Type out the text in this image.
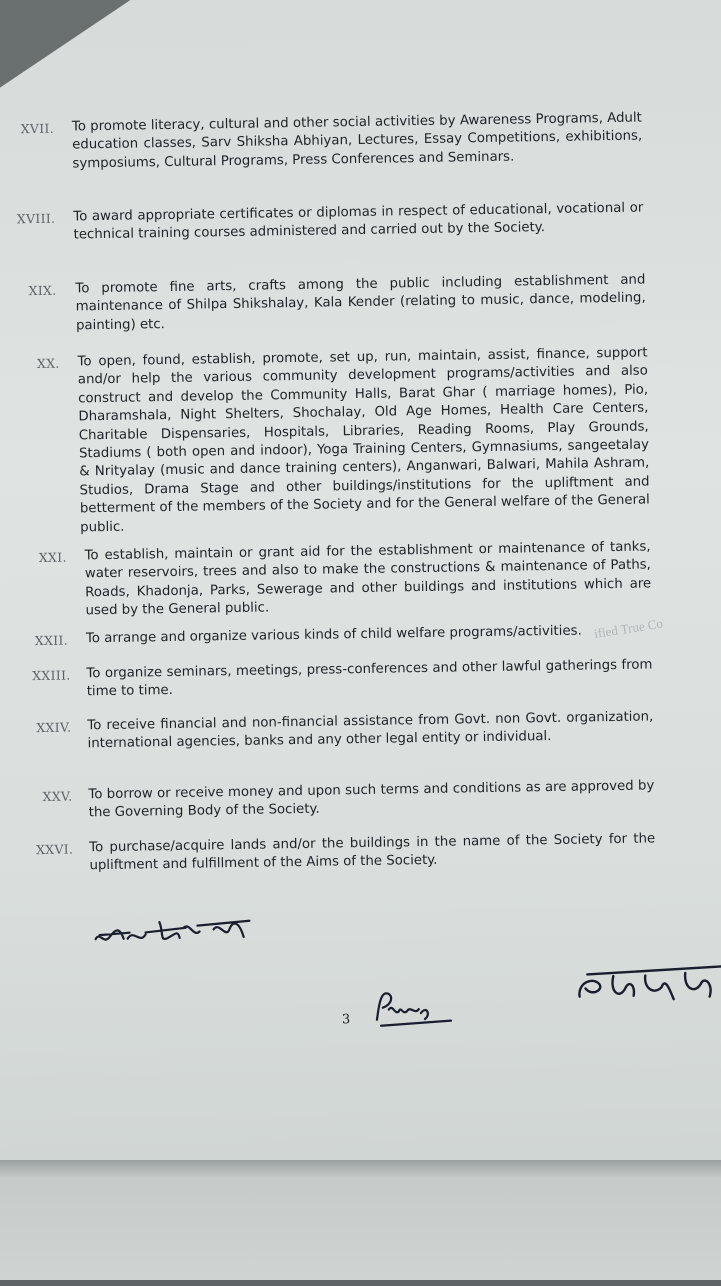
XVII. To promote literacy, cultural and other social activities by Awareness Programs, Adult education classes, Sarv Shiksha Abhiyan, Lectures, Essay Competitions, exhibitions, symposiums, Cultural Programs, Press Conferences and Seminars.
XVIII. To award appropriate certificates or diplomas in respect of educational, vocational or technical training courses administered and carried out by the Society.
XIX. To promote fine arts, crafts among the public including establishment and maintenance of Shilpa Shikshalay, Kala Kender (relating to music, dance, modeling, painting) etc.
XX. To open, found, establish, promote, set up, run, maintain, assist, finance, support and/or help the various community development programs/activities and also construct and develop the Community Halls, Barat Ghar ( marriage homes), Pio, Dharamshala, Night Shelters, Shochalay, Old Age Homes, Health Care Centers, Charitable Dispensaries, Hospitals, Libraries, Reading Rooms, Play Grounds, Stadiums ( both open and indoor), Yoga Training Centers, Gymnasiums, sangeetalay & Nrityalay (music and dance training centers), Anganwari, Balwari, Mahila Ashram, Studios, Drama Stage and other buildings/institutions for the upliftment and betterment of the members of the Society and for the General welfare of the General public.
XXI. To establish, maintain or grant aid for the establishment or maintenance of tanks, water reservoirs, trees and also to make the constructions & maintenance of Paths, Roads, Khadonja, Parks, Sewerage and other buildings and institutions which are used by the General public.
XXII. To arrange and organize various kinds of child welfare programs/activities.
XXIII. To organize seminars, meetings, press-conferences and other lawful gatherings from time to time.
XXIV. To receive financial and non-financial assistance from Govt. non Govt. organization, international agencies, banks and any other legal entity or individual.
XXV. To borrow or receive money and upon such terms and conditions as are approved by the Governing Body of the Society.
XXVI. To purchase/acquire lands and/or the buildings in the name of the Society for the upliftment and fulfillment of the Aims of the Society.
ified True Co
3
